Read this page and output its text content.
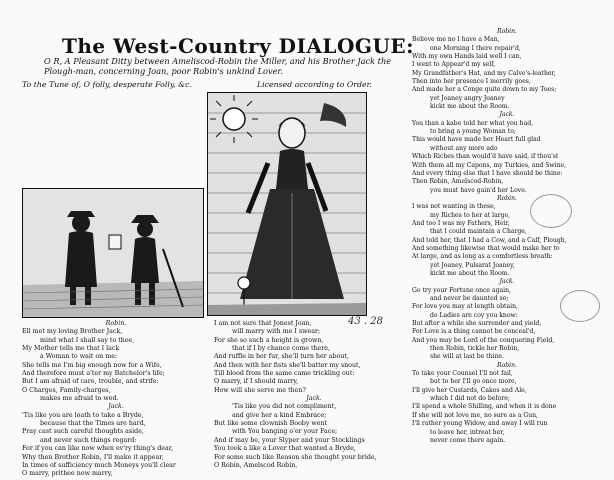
The West-Country DIALOGUE:
O R, A Pleasant Ditty between Ameliscod-Robin the Miller, and his Brother Jack the Plough-man, concerning Joan, poor Robin's unkind Lover.
To the Tune of, O folly, desperate Folly, &c.	Licensed according to Order.
43 . 28
Robin.
Ell met my loving Brother Jack,
mind what I shall say to thee,
My Mother tells me that I lack
a Woman to wait on me:
She tells me I'm big enough now for a Wife,
And therefore must a'ter my Batchelor's life;
But I am afraid of care, trouble, and strife:
O Charges, Family-charges,
makes me afraid to wed.
Jack.
'Tis like you are loath to take a Bryde,
because that the Times are hard,
Pray cast such careful thoughts aside,
and never such things regard:
For if you can like now when ev'ry thing's dear,
Why then Brother Robin, I'll make it appear,
In times of sufficiency much Moneys you'll clear
O marry, prithee now marry,
I am not sure that Jonest Joan,
will marry with me I swear;
For she so such a height is grown,
that if I by chance come there,
And ruffle in her fur, she'll turn her about,
And then with her fists she'll batter my snout,
Till blood from the same came trickling out:
O marry, if I should marry,
How will she serve me then?
Jack.
'Tis like you did not compliment,
and give her a kind Embrace;
But like some clownish Booby went
with You banging o'er your Face;
And if may be, your Slyper and your Stocklings
You took a like a Lover that wanted a Bryde,
For some such like Reason she thought your bride,
O Robin, Amelscod Robin,
Robin.
Believe me no I have a Man,
one Morning I there repair'd,
With my own Hands laid well I can,
I went to Appear'd my self,
My Grandfather's Hat, and my Calve's-leather,
Then into her presence I merrily goes,
And made her a Conge quite down to my Toes;
yet Joaney angry Joaney
kickt me about the Room.
Jack.
You than a kabe told her what you had,
to bring a young Woman to;
This would have made her Heart full glad
without any more ado
Which Riches than would'd have said, if thou'st
With them all my Capons, my Turkies, and Swine,
And every thing else that I have should be thine:
Then Robin, Amelscod-Robin,
you must have gain'd her Love.
Robin.
I was not wanting in these,
my Riches to her at large,
And too I was my Fathers, Heir,
that I could maintain a Charge,
And told her, that I had a Cow, and a Calf, Plough,
And something likewise that would make her to
At large, and as long as a comfortless breath:
yet Joaney, Pulsarat Joaney,
kickt me about the Room.
Jack.
Go try your Fortune once again,
and never be daunted so;
For love you may at length obtain,
do Ladies are coy you know:
But after a while she surrender and yield,
For Love is a thing cannot be conceal'd,
And you may be Lord of the conquering Field,
then Robin, tickle her Robin,
she will at last be thine.
Robin.
To take your Counsel I'll not fail,
but to her I'll go once more,
I'll give her Custards, Cakes and Ale,
which I did not do before;
I'll spend a whole Shilling, and when it is done
If she will not love me, no sure as a Gun,
I'll rather young Widow, and away I will run
to leave her, intreat her,
never come there again.
